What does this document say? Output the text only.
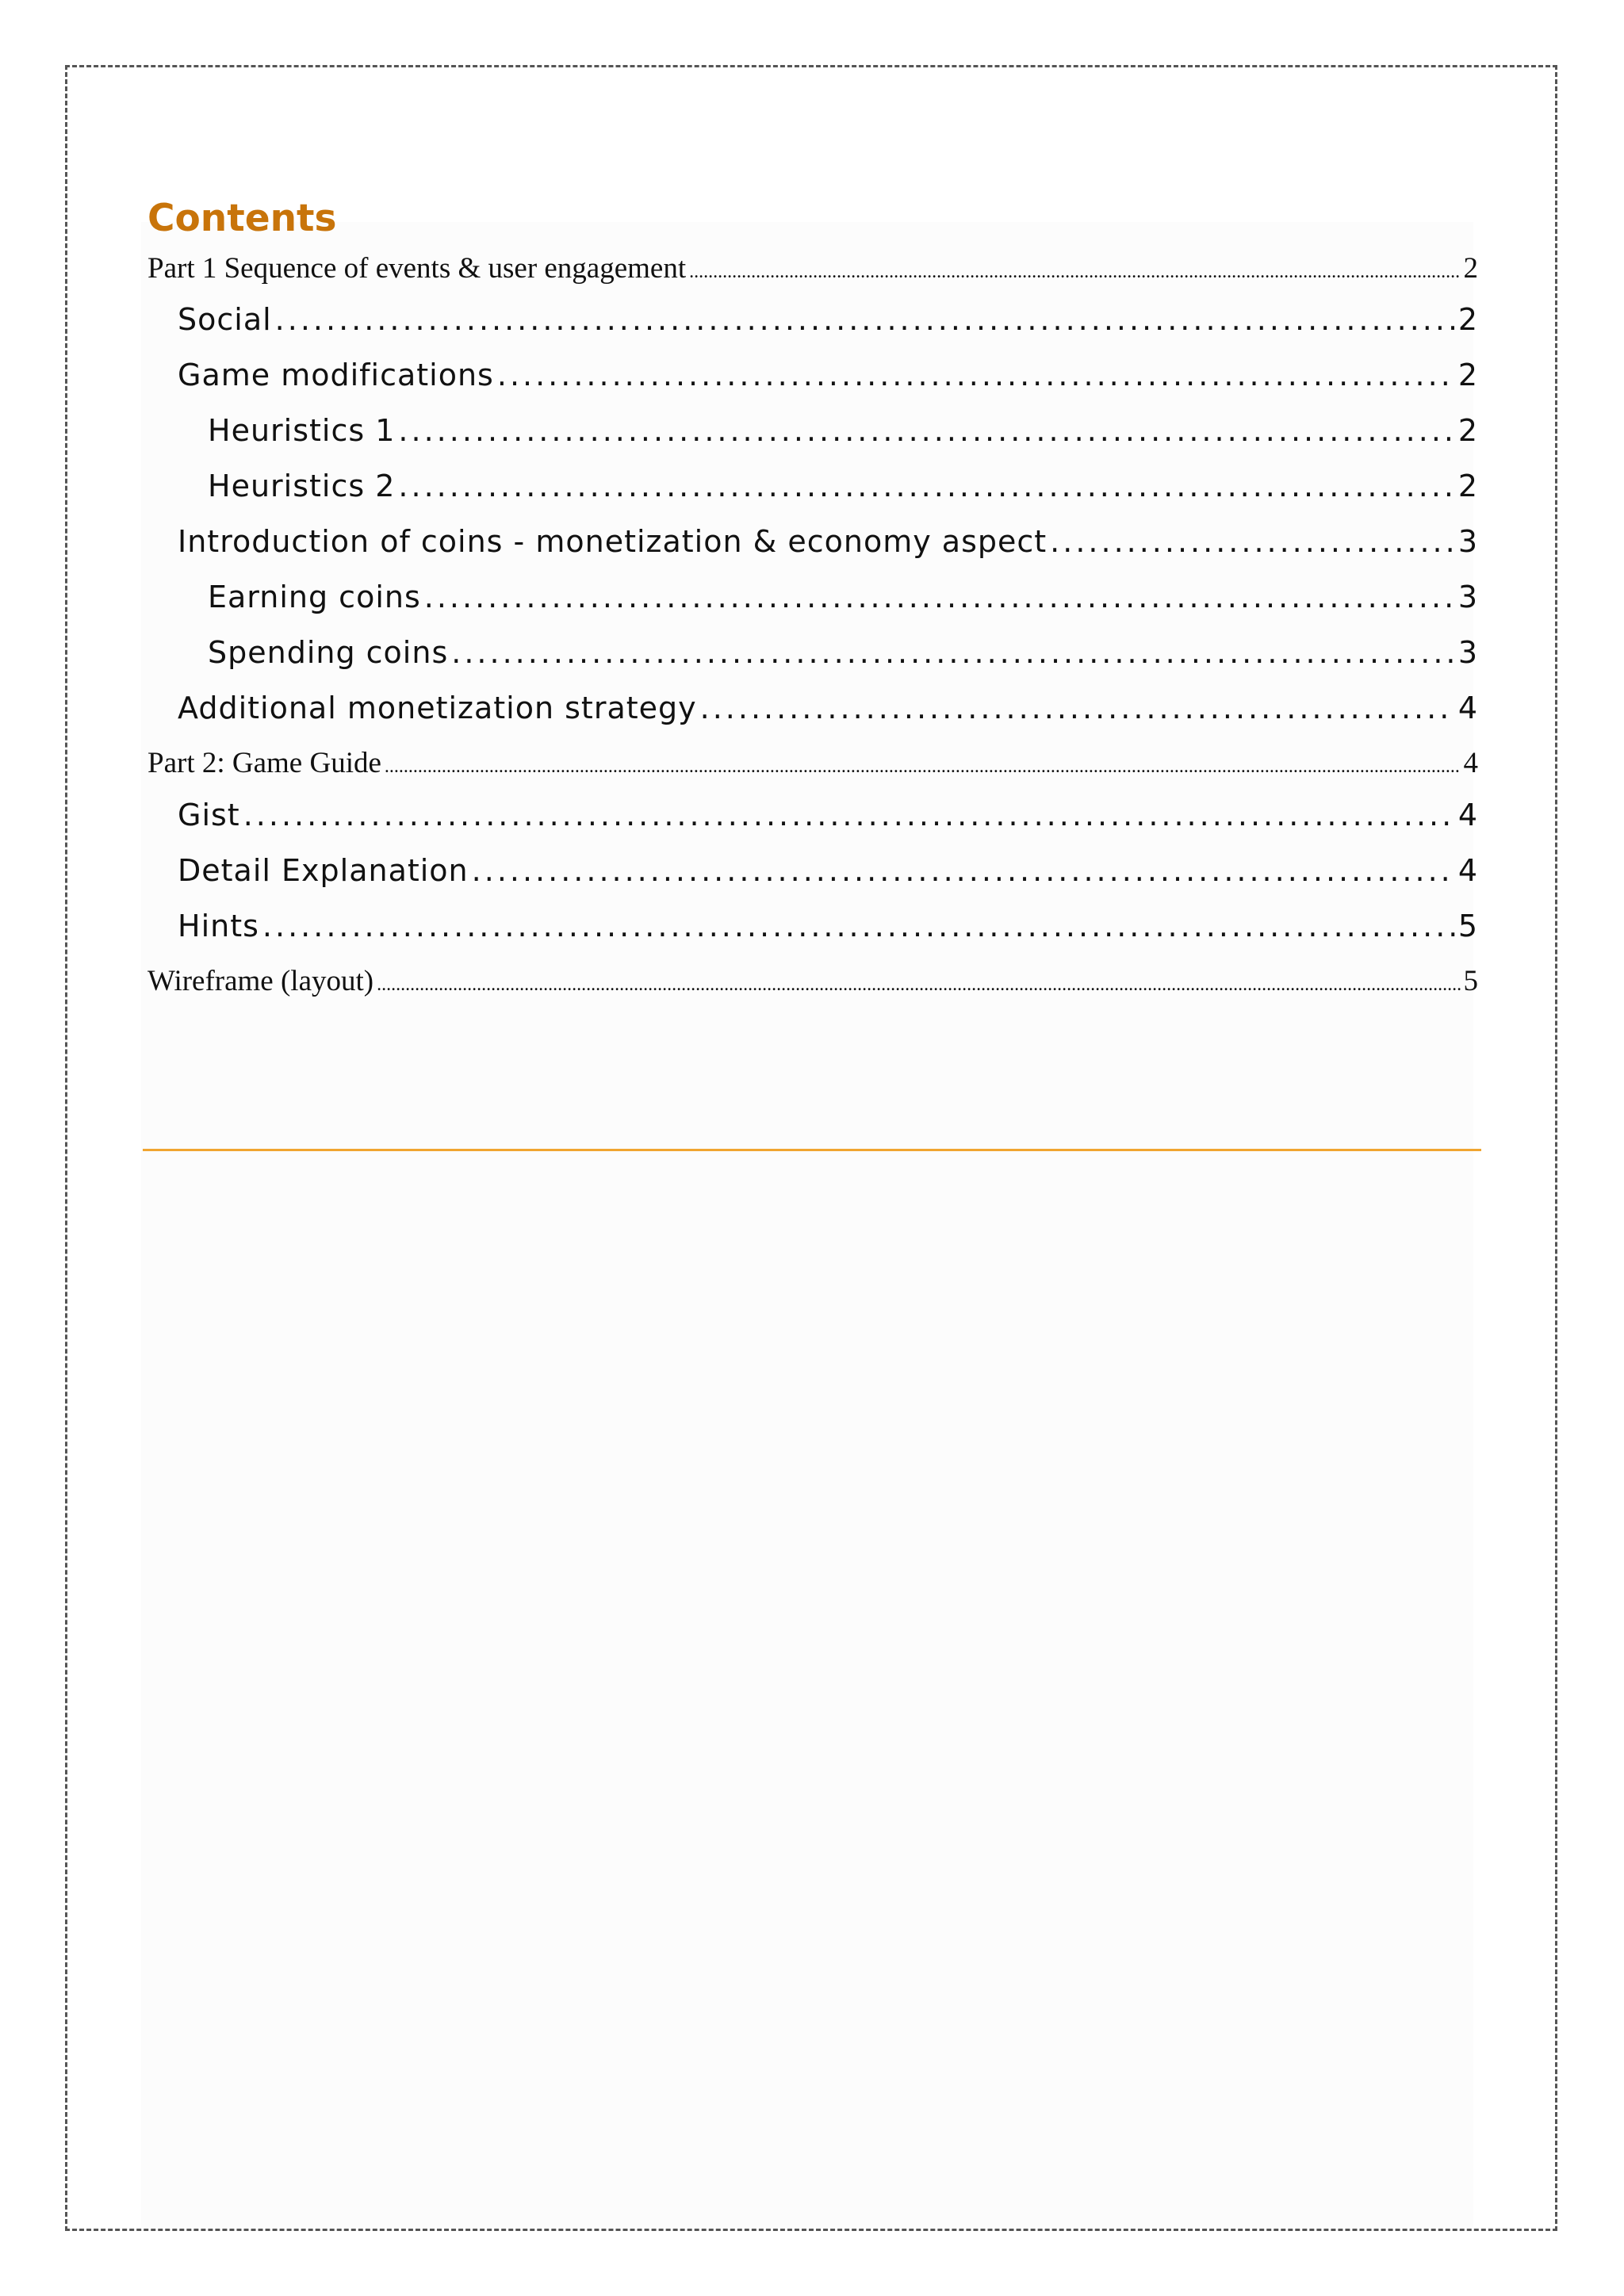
Contents
Part 1 Sequence of events & user engagement .....	2
Social .....	2
Game modifications .....	2
Heuristics 1 .....	2
Heuristics 2 .....	2
Introduction of coins - monetization & economy aspect .....	3
Earning coins .....	3
Spending coins .....	3
Additional monetization strategy .....	4
Part 2: Game Guide .....	4
Gist .....	4
Detail Explanation .....	4
Hints .....	5
Wireframe (layout) .....	5
